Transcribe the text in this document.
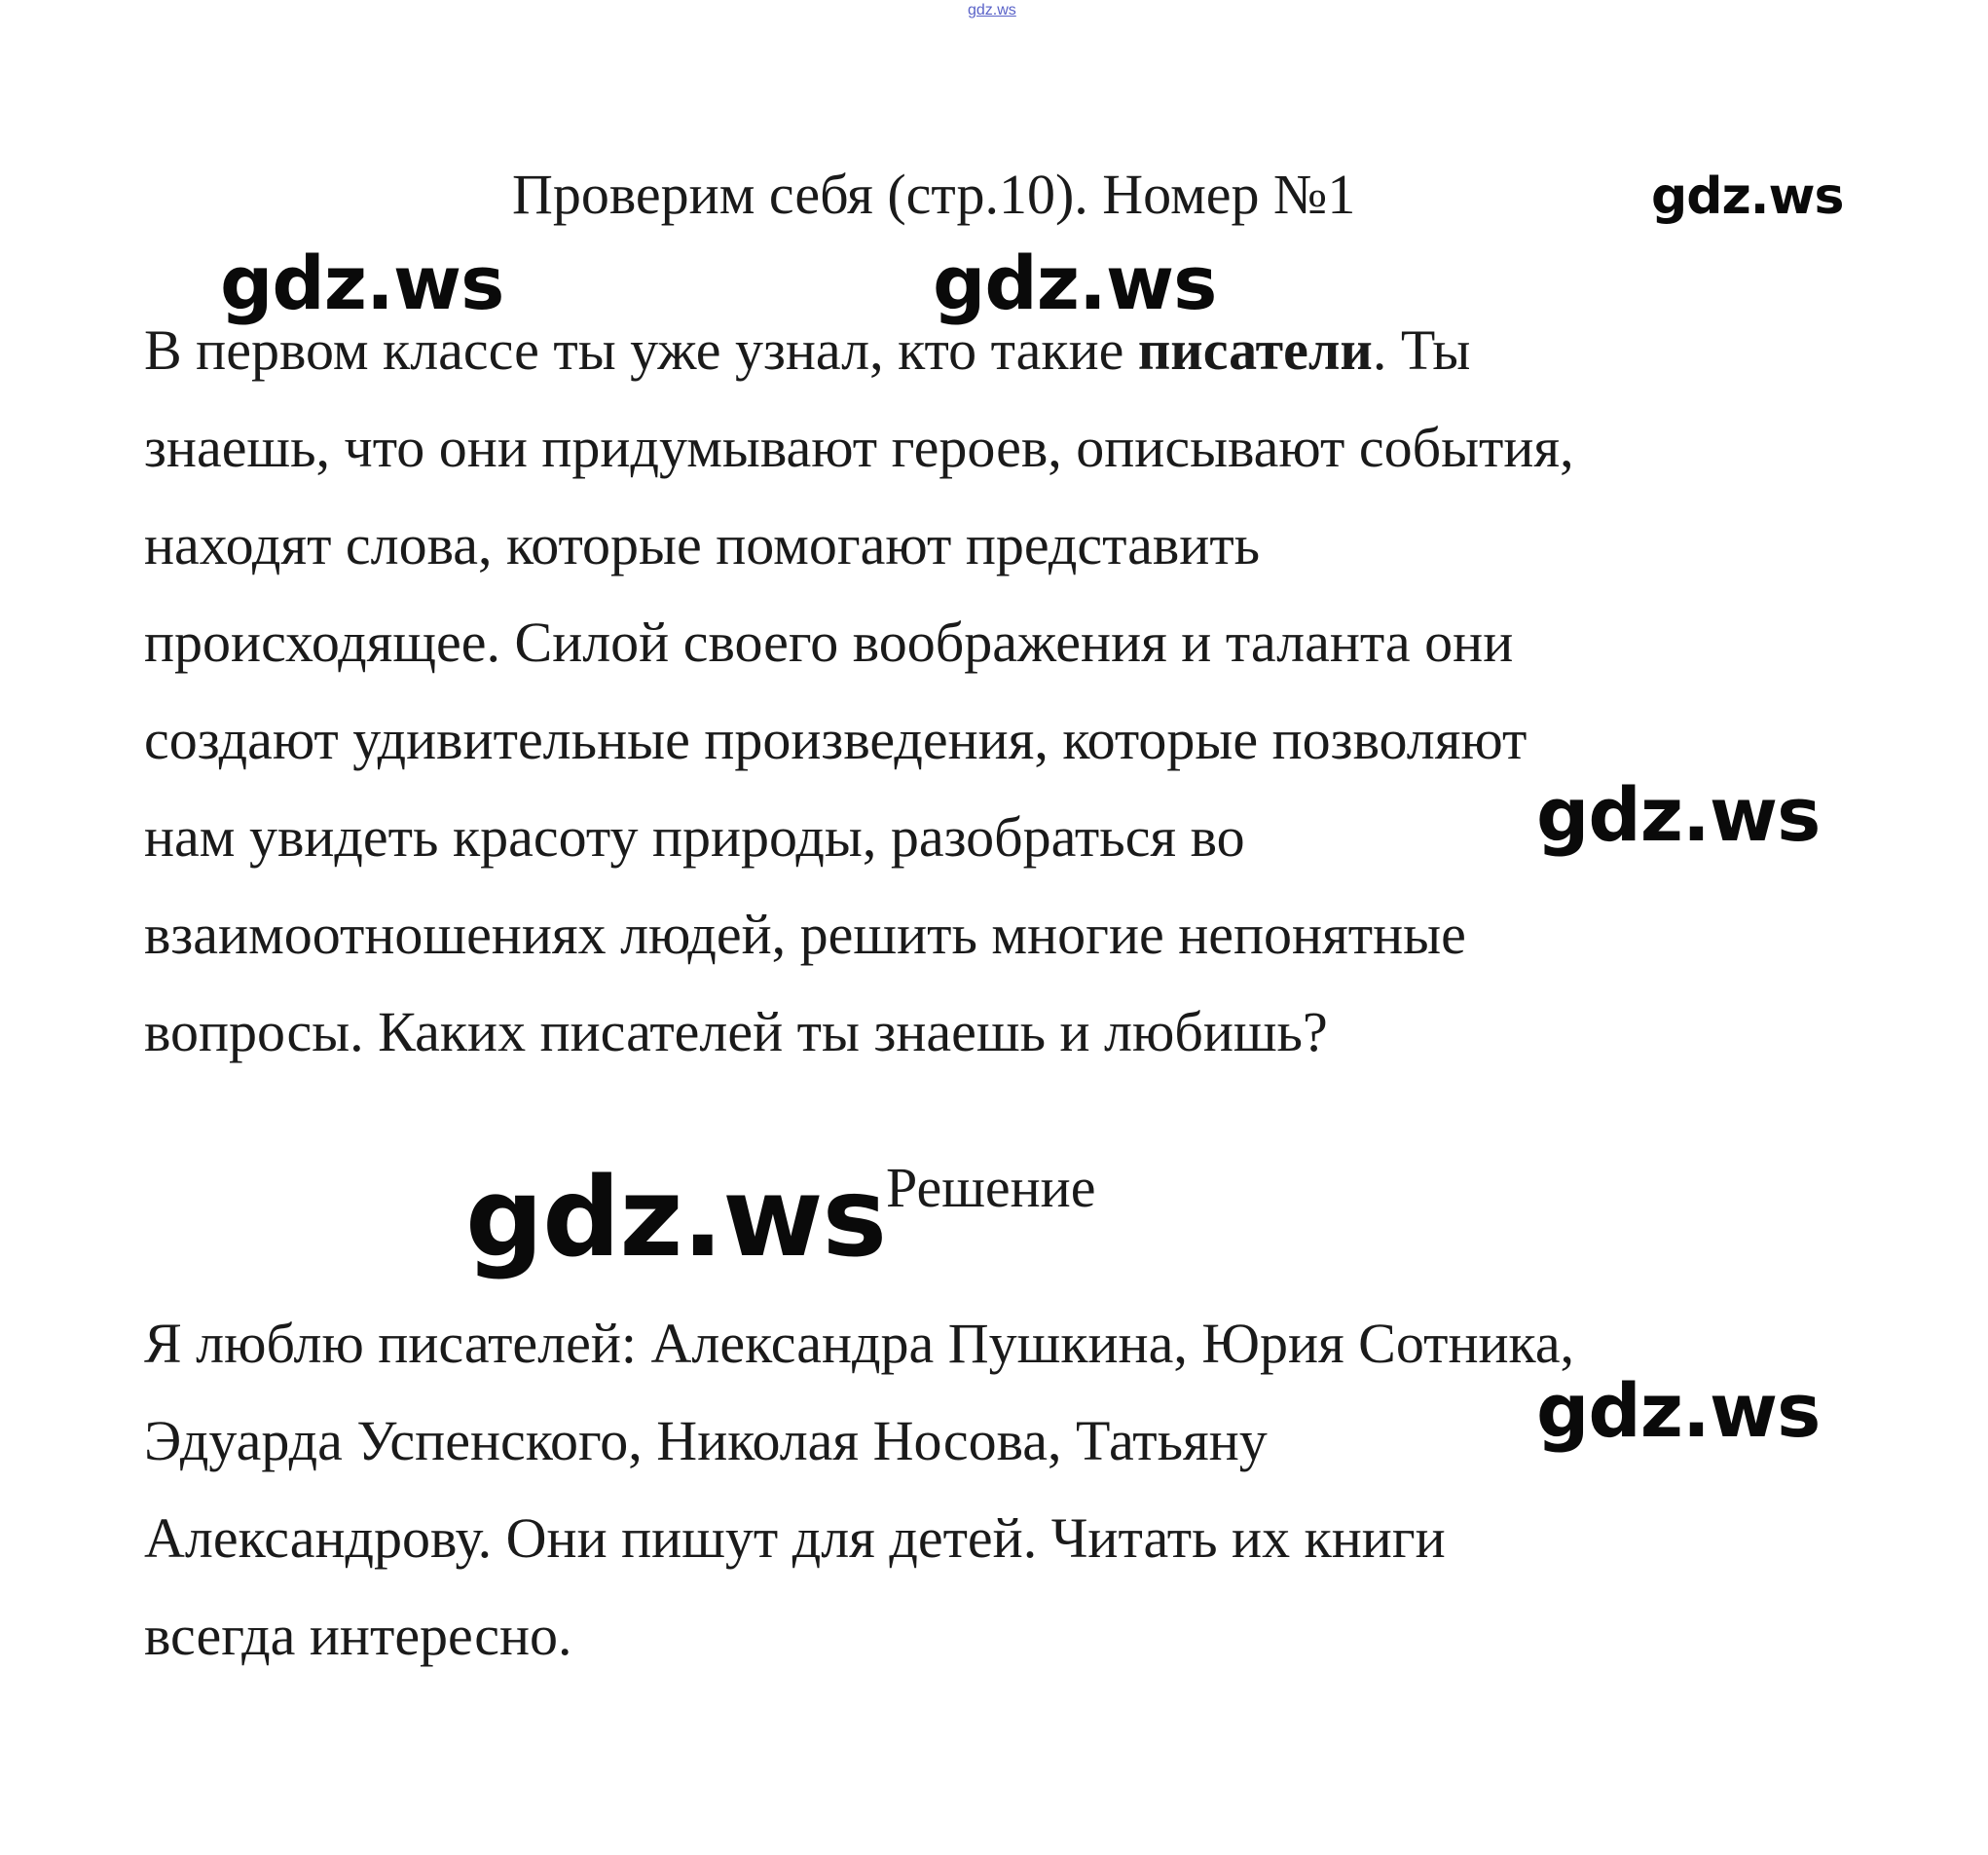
gdz.ws
Проверим себя (стр.10). Номер №1	gdz.ws
gdz.ws	gdz.ws
В первом классе ты уже узнал, кто такие писатели. Ты
знаешь, что они придумывают героев, описывают события,
находят слова, которые помогают представить
происходящее. Силой своего воображения и таланта они
создают удивительные произведения, которые позволяют
нам увидеть красоту природы, разобраться во
взаимоотношениях людей, решить многие непонятные
вопросы. Каких писателей ты знаешь и любишь?
gdz.ws
gdz.ws Решение
Я люблю писателей: Александра Пушкина, Юрия Сотника,
Эдуарда Успенского, Николая Носова, Татьяну
Александрову. Они пишут для детей. Читать их книги
всегда интересно.
gdz.ws
